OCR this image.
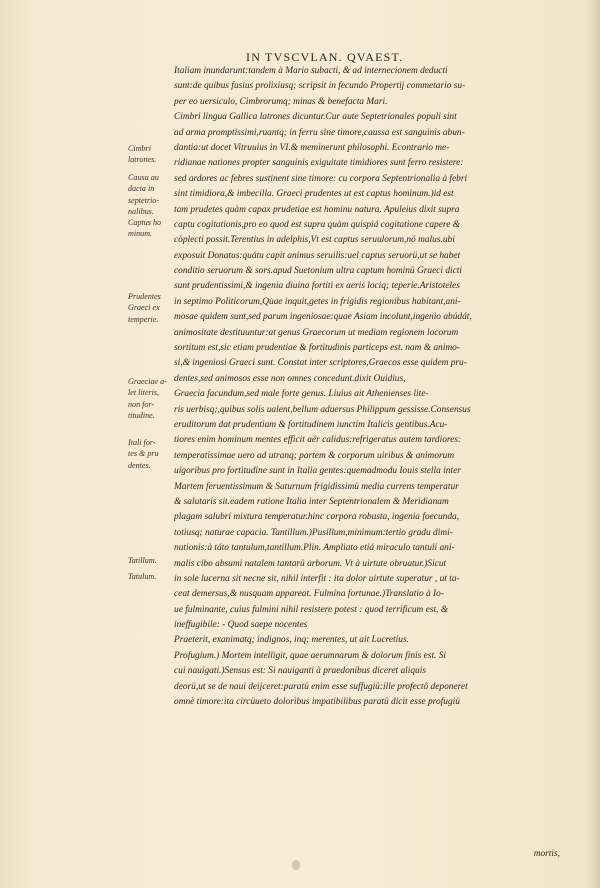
IN TVSCVLAN. QVAEST.
Cimbri
latrones.
Causa au
dacia in
septetrio-
nalibus.
Captus ho
minum.
Prudentes
Graeci ex
temperie.
Graeciae a-
let literis,
non for-
titudine.
Itali for-
tes & pru
dentes.
Tatillum.
Tatulum.
Italiam inundarunt:tandem à Mario subacti, & ad internecionem deducti
sunt:de quibus fusius prolixiusq; scripsit in fecundo Propertij commetario su-
per eo uersiculo, Cimbrorumq; minas & benefacta Mari.
Cimbri lingua Gallica latrones dicuntur.Cur aute Septetrionales populi sint
ad arma promptissimi,ruantq; in ferru sine timore,caussa est sanguinis abun-
dantia:ut docet Vitruuius in VI.& meminerunt philosophi. Econtrario me-
ridianae nationes propter sanguinis exiguitate timidiores sunt ferro resistere:
sed ardores ac febres sustinent sine timore: cu corpora Septentrionalia à febri
sint timidiora,& imbecilla. Graeci prudentes ut est captus hominum.)id est
tam prudetes quàm capax prudetiae est hominu natura. Apuleius dixit supra
captu cogitationis,pro eo quod est supra quàm quispiá cogitatione capere &
cöplecti possit.Terentius in adelphis,Vt est captus seruulorum,nö malus.ubi
exposuit Donatus:quátu capit animus seruilis:uel captus seruorü,ut se habet
conditio seruorum & sors.apud Suetonium ultra captum hominü Graeci dicti
sunt prudentissimi,& ingenia diuina fortiti ex aeris lociq; teperie.Aristoteles
in septimo Politicorum,Quae inquit,getes in frigidis regionibus habitant,ani-
mosae quidem sunt,sed parum ingeniosae:quae Asiam incolunt,ingenio abúdát,
animositate destituuntur:at genus Graecorum ut mediam regionem locorum
sortitum est,sic etiam prudentiae & fortitudinis particeps est. nam & animo-
si,& ingeniosi Graeci sunt. Constat inter scriptores,Graecos esse quidem pru-
dentes,sed animosos esse non omnes concedunt.dixit Ouidius,
Graecia facundum,sed male forte genus. Liuius ait Athenienses lite-
ris uerbisq;,quibus solis ualent,bellum aduersus Philippum gessisse.Consensus
eruditorum dat prudentiam & fortitudinem iunctim Italicis gentibus.Acu-
tiores enim hominum mentes efficit aër calidus:refrigeratus autem tardiores:
temperatissimae uero ad utranq; partem & corporum uiribus & animorum
uigoribus pro fortitudine sunt in Italia gentes:quemadmodu Iouis stella inter
Martem feruentissimum & Saturnum frigidissimü media currens temperatur
& salutaris sit.eadem ratione Italia inter Septentrionalem & Meridianam
plagam salubri mixtura temperatur.hinc corpora robusta, ingenia foecunda,
totiusq; naturae capacia. Tantillum.)Pusillum,minimum:tertio gradu dimi-
nutionis:à táto tantulum,tantillum.Plin. Ampliato etiá miraculo tantuli ani-
malis cibo absumi natalem tantarü arborum. Vt à uirtute obruatur.)Sicut
in sole lucerna sit necne sit, nihil interfit : ita dolor uirtute superatur , ut ta-
ceat demersus,& nusquam appareat. Fulmina fortunae.)Translatio à Io-
ue fulminante, cuius fulmini nihil resistere potest : quod terrificum est, &
ineffugibile: - Quod saepe nocentes
Praeterit, exanimatq; indignos, inq; merentes, ut ait Lucretius.
Profugium.) Mortem intelligit, quae aerumnarum & dolorum finis est. Si
cui nauigati.)Sensus est: Si nauiganti à praedonibus diceret aliquis
deorü,ut se de naui deijceret:paratü enim esse suffugiü:ille profectô deponeret
omnë timore:ita circüueto doloribus impatibilibus paratü dicit esse profugiü
mortis,
